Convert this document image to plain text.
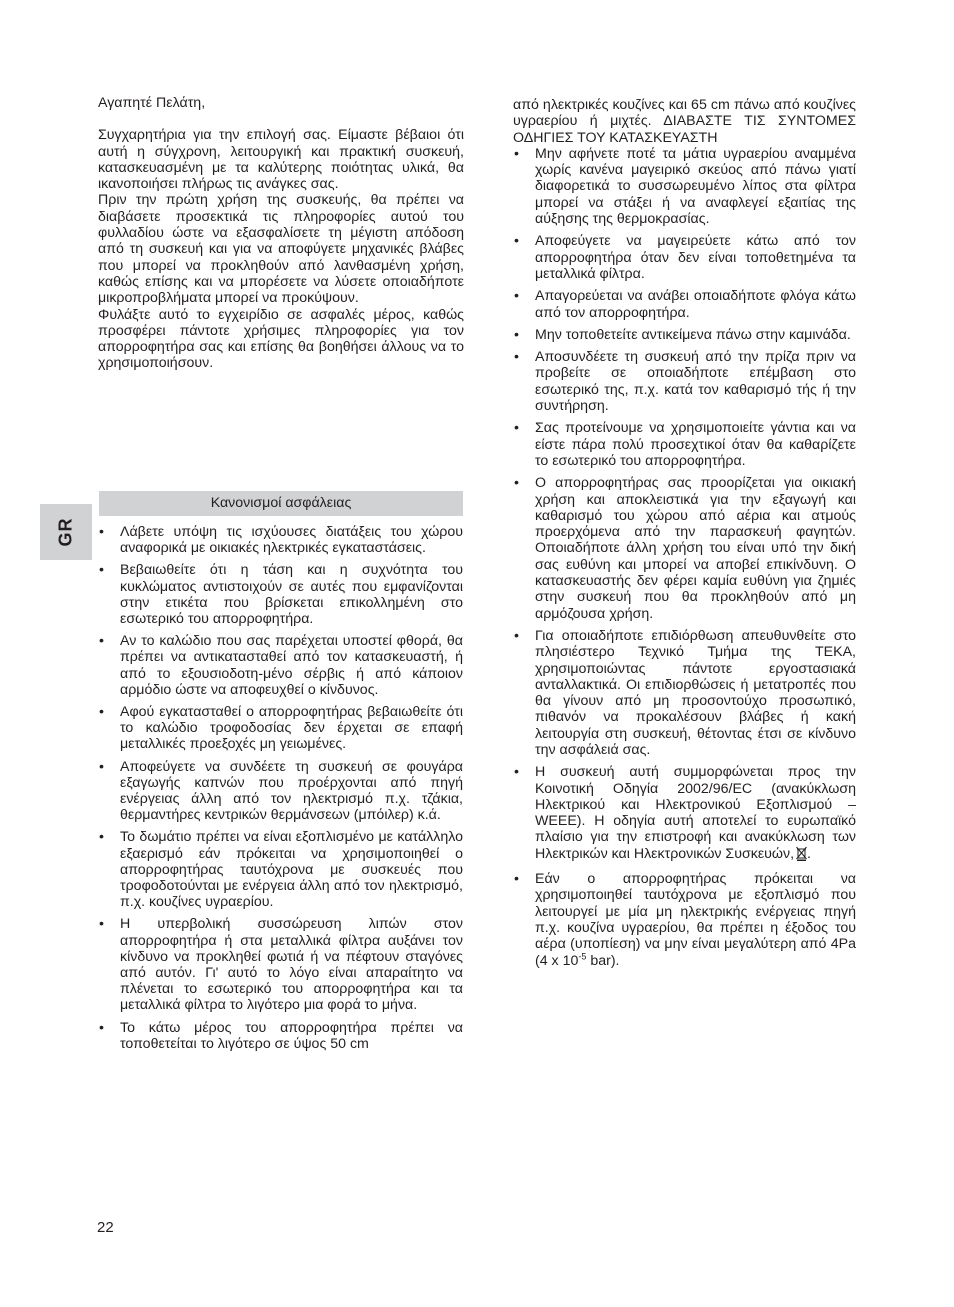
GR

Αγαπητέ Πελάτη,

Συγχαρητήρια για την επιλογή σας. Είμαστε βέβαιοι ότι αυτή η σύγχρονη, λειτουργική και πρακτική συσκευή, κατασκευασμένη με τα καλύτερης ποιότητας υλικά, θα ικανοποιήσει πλήρως τις ανάγκες σας.

Πριν την πρώτη χρήση της συσκευής, θα πρέπει να διαβάσετε προσεκτικά τις πληροφορίες αυτού του φυλλαδίου ώστε να εξασφαλίσετε τη μέγιστη απόδοση από τη συσκευή και για να αποφύγετε μηχανικές βλάβες που μπορεί να προκληθούν από λανθασμένη χρήση, καθώς επίσης και να μπορέσετε να λύσετε οποιαδήποτε μικροπροβλήματα μπορεί να προκύψουν.

Φυλάξτε αυτό το εγχειρίδιο σε ασφαλές μέρος, καθώς προσφέρει πάντοτε χρήσιμες πληροφορίες για τον απορροφητήρα σας και επίσης θα βοηθήσει άλλους να το χρησιμοποιήσουν.

Κανονισμοί ασφάλειας
• Λάβετε υπόψη τις ισχύουσες διατάξεις του χώρου αναφορικά με οικιακές ηλεκτρικές εγκαταστάσεις.
• Βεβαιωθείτε ότι η τάση και η συχνότητα του κυκλώματος αντιστοιχούν σε αυτές που εμφανίζονται στην ετικέτα που βρίσκεται επικολλημένη στο εσωτερικό του απορροφητήρα.
• Αν το καλώδιο που σας παρέχεται υποστεί φθορά, θα πρέπει να αντικατασταθεί από τον κατασκευαστή, ή από το εξουσιοδοτη-μένο σέρβις ή από κάποιον αρμόδιο ώστε να αποφευχθεί ο κίνδυνος.
• Αφού εγκατασταθεί ο απορροφητήρας βεβαιωθείτε ότι το καλώδιο τροφοδοσίας δεν έρχεται σε επαφή μεταλλικές προεξοχές μη γειωμένες.
• Αποφεύγετε να συνδέετε τη συσκευή σε φουγάρα εξαγωγής καπνών που προέρχονται από πηγή ενέργειας άλλη από τον ηλεκτρισμό π.χ. τζάκια, θερμαντήρες κεντρικών θερμάνσεων (μπόιλερ) κ.ά.
• Το δωμάτιο πρέπει να είναι εξοπλισμένο με κατάλληλο εξαερισμό εάν πρόκειται να χρησιμοποιηθεί ο απορροφητήρας ταυτόχρονα με συσκευές που τροφοδοτούνται με ενέργεια άλλη από τον ηλεκτρισμό, π.χ. κουζίνες υγραερίου.
• Η υπερβολική συσσώρευση λιπών στον απορροφητήρα ή στα μεταλλικά φίλτρα αυξάνει τον κίνδυνο να προκληθεί φωτιά ή να πέφτουν σταγόνες από αυτόν. Γι' αυτό το λόγο είναι απαραίτητο να πλένεται το εσωτερικό του απορροφητήρα και τα μεταλλικά φίλτρα το λιγότερο μια φορά το μήνα.
• Το κάτω μέρος του απορροφητήρα πρέπει να τοποθετείται το λιγότερο σε ύψος 50 cm

από ηλεκτρικές κουζίνες και 65 cm πάνω από κουζίνες υγραερίου ή μιχτές. ΔΙΑΒΑΣΤΕ ΤΙΣ ΣΥΝΤΟΜΕΣ ΟΔΗΓΙΕΣ ΤΟΥ ΚΑΤΑΣΚΕΥΑΣΤΗ

• Μην αφήνετε ποτέ τα μάτια υγραερίου αναμμένα χωρίς κανένα μαγειρικό σκεύος από πάνω γιατί διαφορετικά το συσσωρευμένο λίπος στα φίλτρα μπορεί να στάξει ή να αναφλεγεί εξαιτίας της αύξησης της θερμοκρασίας.
• Αποφεύγετε να μαγειρεύετε κάτω από τον απορροφητήρα όταν δεν είναι τοποθετημένα τα μεταλλικά φίλτρα.
• Απαγορεύεται να ανάβει οποιαδήποτε φλόγα κάτω από τον απορροφητήρα.
• Μην τοποθετείτε αντικείμενα πάνω στην καμινάδα.
• Αποσυνδέετε τη συσκευή από την πρίζα πριν να προβείτε σε οποιαδήποτε επέμβαση στο εσωτερικό της, π.χ. κατά τον καθαρισμό τής ή την συντήρηση.
• Σας προτείνουμε να χρησιμοποιείτε γάντια και να είστε πάρα πολύ προσεχτικοί όταν θα καθαρίζετε το εσωτερικό του απορροφητήρα.
• Ο απορροφητήρας σας προορίζεται για οικιακή χρήση και αποκλειστικά για την εξαγωγή και καθαρισμό του χώρου από αέρια και ατμούς προερχόμενα από την παρασκευή φαγητών. Οποιαδήποτε άλλη χρήση του είναι υπό την δική σας ευθύνη και μπορεί να αποβεί επικίνδυνη. Ο κατασκευαστής δεν φέρει καμία ευθύνη για ζημιές στην συσκευή που θα προκληθούν από μη αρμόζουσα χρήση.
• Για οποιαδήποτε επιδιόρθωση απευθυνθείτε στο πλησιέστερο Τεχνικό Τμήμα της TEKA, χρησιμοποιώντας πάντοτε εργοστασιακά ανταλλακτικά. Οι επιδιορθώσεις ή μετατροπές που θα γίνουν από μη προσοντούχο προσωπικό, πιθανόν να προκαλέσουν βλάβες ή κακή λειτουργία στη συσκευή, θέτοντας έτσι σε κίνδυνο την ασφάλειά σας.
• Η συσκευή αυτή συμμορφώνεται προς την Κοινοτική Οδηγία 2002/96/EC (ανακύκλωση Ηλεκτρικού και Ηλεκτρονικού Εξοπλισμού –WEEE). Η οδηγία αυτή αποτελεί το ευρωπαϊκό πλαίσιο για την επιστροφή και ανακύκλωση των Ηλεκτρικών και Ηλεκτρονικών Συσκευών, .
• Εάν ο απορροφητήρας πρόκειται να χρησιμοποιηθεί ταυτόχρονα με εξοπλισμό που λειτουργεί με μία μη ηλεκτρικής ενέργειας πηγή π.χ. κουζίνα υγραερίου, θα πρέπει η έξοδος του αέρα (υποπίεση) να μην είναι μεγαλύτερη από 4Pa (4 x $10^{-5}$ bar).
22
